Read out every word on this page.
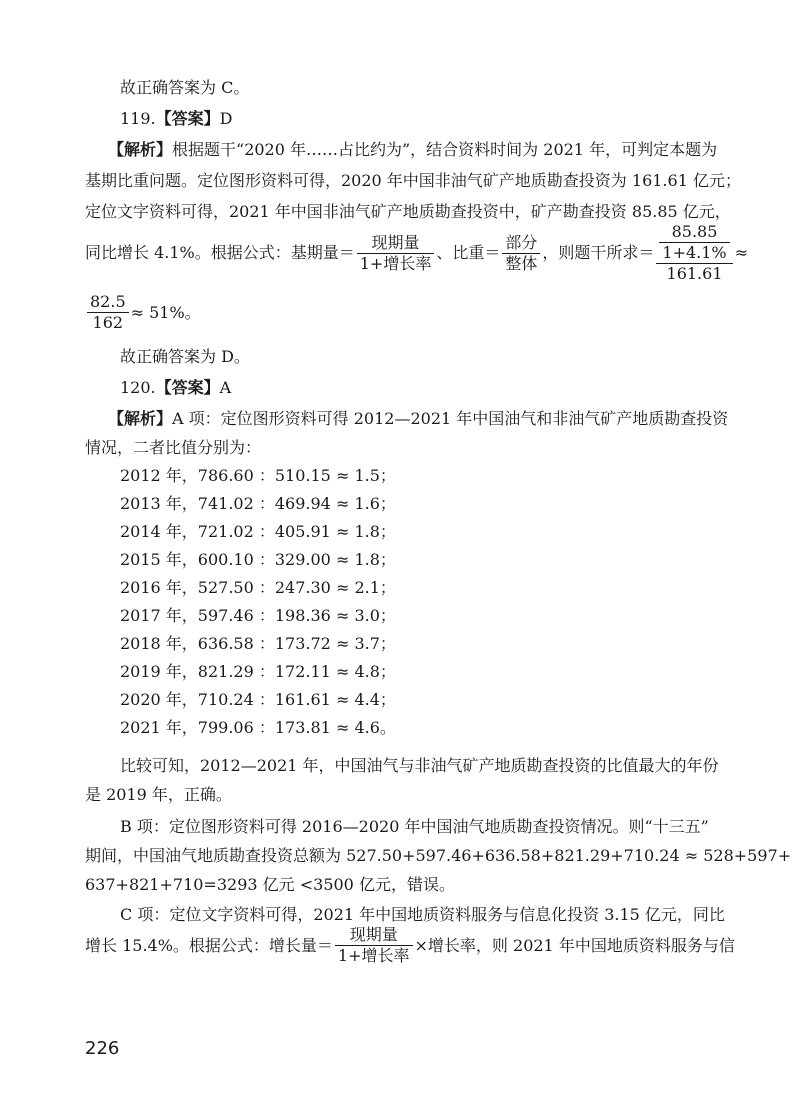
故正确答案为 C。
119.【答案】D
【解析】根据题干“2020 年……占比约为”，结合资料时间为 2021 年，可判定本题为
基期比重问题。定位图形资料可得，2020 年中国非油气矿产地质勘查投资为 161.61 亿元；
定位文字资料可得，2021 年中国非油气矿产地质勘查投资中，矿产勘查投资 85.85 亿元，
同比增长 4.1%。根据公式：基期量＝ $\frac{\text{现期量}}{\text{1+增长率}}$ 、比重＝ $\frac{\text{部分}}{\text{整体}}$ ，则题干所求＝ $\frac{\frac{85.85}{1+4.1\%}}{161.61}$ ≈
$\frac{82.5}{162} \approx 51\%$。
故正确答案为 D。
120.【答案】A
【解析】A 项：定位图形资料可得 2012—2021 年中国油气和非油气矿产地质勘查投资
情况，二者比值分别为：
2012 年，786.60 ：510.15 ≈ 1.5；
2013 年，741.02 ：469.94 ≈ 1.6；
2014 年，721.02 ：405.91 ≈ 1.8；
2015 年，600.10 ：329.00 ≈ 1.8；
2016 年，527.50 ：247.30 ≈ 2.1；
2017 年，597.46 ：198.36 ≈ 3.0；
2018 年，636.58 ：173.72 ≈ 3.7；
2019 年，821.29 ：172.11 ≈ 4.8；
2020 年，710.24 ：161.61 ≈ 4.4；
2021 年，799.06 ：173.81 ≈ 4.6。
比较可知，2012—2021 年，中国油气与非油气矿产地质勘查投资的比值最大的年份
是 2019 年，正确。
B 项：定位图形资料可得 2016—2020 年中国油气地质勘查投资情况。则“十三五”
期间，中国油气地质勘查投资总额为 527.50+597.46+636.58+821.29+710.24 ≈ 528+597+
637+821+710=3293 亿元 <3500 亿元，错误。
C 项：定位文字资料可得，2021 年中国地质资料服务与信息化投资 3.15 亿元，同比
增长 15.4%。根据公式：增长量＝ $\frac{\text{现期量}}{\text{1+增长率}}$ ×增长率，则 2021 年中国地质资料服务与信
226
